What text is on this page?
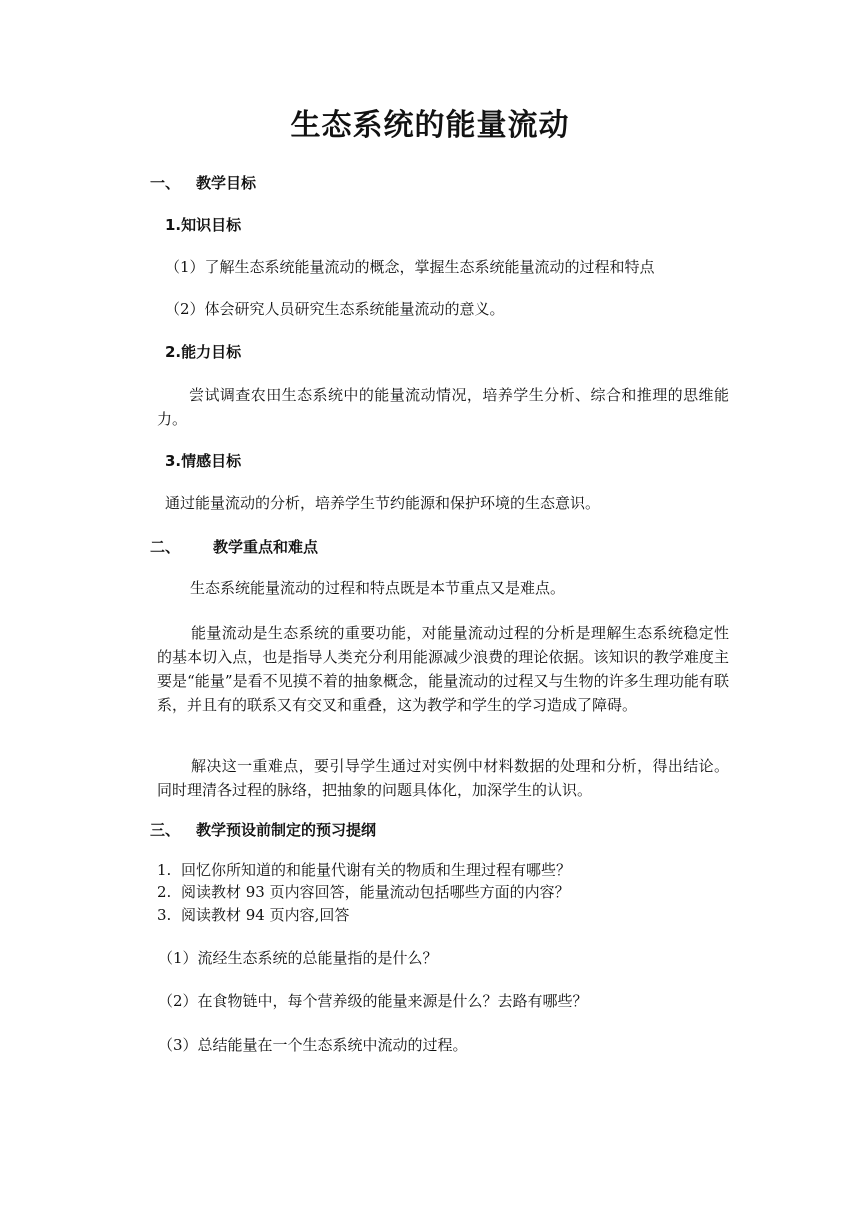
生态系统的能量流动
一、 教学目标
1.知识目标
（1）了解生态系统能量流动的概念，掌握生态系统能量流动的过程和特点
（2）体会研究人员研究生态系统能量流动的意义。
2.能力目标
尝试调查农田生态系统中的能量流动情况，培养学生分析、综合和推理的思维能力。
3.情感目标
通过能量流动的分析，培养学生节约能源和保护环境的生态意识。
二、 教学重点和难点
生态系统能量流动的过程和特点既是本节重点又是难点。
能量流动是生态系统的重要功能，对能量流动过程的分析是理解生态系统稳定性的基本切入点，也是指导人类充分利用能源减少浪费的理论依据。该知识的教学难度主要是“能量”是看不见摸不着的抽象概念，能量流动的过程又与生物的许多生理功能有联系，并且有的联系又有交叉和重叠，这为教学和学生的学习造成了障碍。
解决这一重难点，要引导学生通过对实例中材料数据的处理和分析，得出结论。同时理清各过程的脉络，把抽象的问题具体化，加深学生的认识。
三、 教学预设前制定的预习提纲
1. 回忆你所知道的和能量代谢有关的物质和生理过程有哪些？
2. 阅读教材 93 页内容回答，能量流动包括哪些方面的内容？
3. 阅读教材 94 页内容,回答
（1）流经生态系统的总能量指的是什么？
（2）在食物链中，每个营养级的能量来源是什么？去路有哪些？
（3）总结能量在一个生态系统中流动的过程。
